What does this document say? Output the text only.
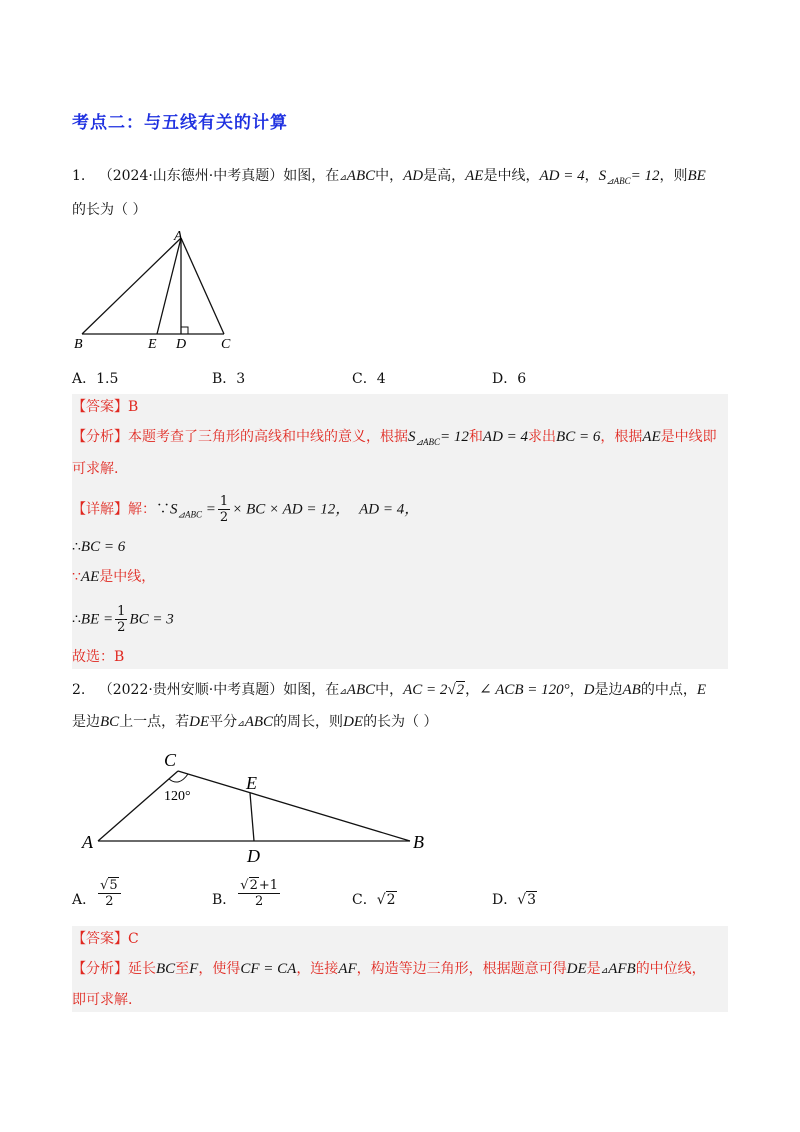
考点二：与五线有关的计算
1. （2024·山东德州·中考真题）如图，在⊿ABC中，AD是高，AE是中线，AD = 4，$S_{⊿ABC}= 12$，则BE
的长为（ ）
A
B	E D C
A．1.5	B．3	C．4	D．6
【答案】B
【分析】本题考查了三角形的高线和中线的意义，根据$S_{⊿ABC}= 12$和AD = 4求出BC = 6，根据AE是中线即
可求解.
【详解】解：$\because S_{⊿ABC} = \frac{1}{2}$ × BC × AD = 12， AD = 4，
∴BC = 6
∵AE是中线，
∴BE = $\frac{1}{2}$ BC = 3
故选：B
2. （2022·贵州安顺·中考真题）如图，在⊿ABC中，AC = 2√2，∠ ACB = 120°，D是边AB的中点，E
是边BC上一点，若DE平分⊿ABC的周长，则DE的长为（ ）
C
E
A
D
B
120°
A． $\frac{√5}{2}$	B． $\frac{√2+1}{2}$	C．√2	D．√3
【答案】C
【分析】延长BC至F，使得CF = CA，连接AF，构造等边三角形，根据题意可得DE是⊿AFB的中位线，
即可求解.
